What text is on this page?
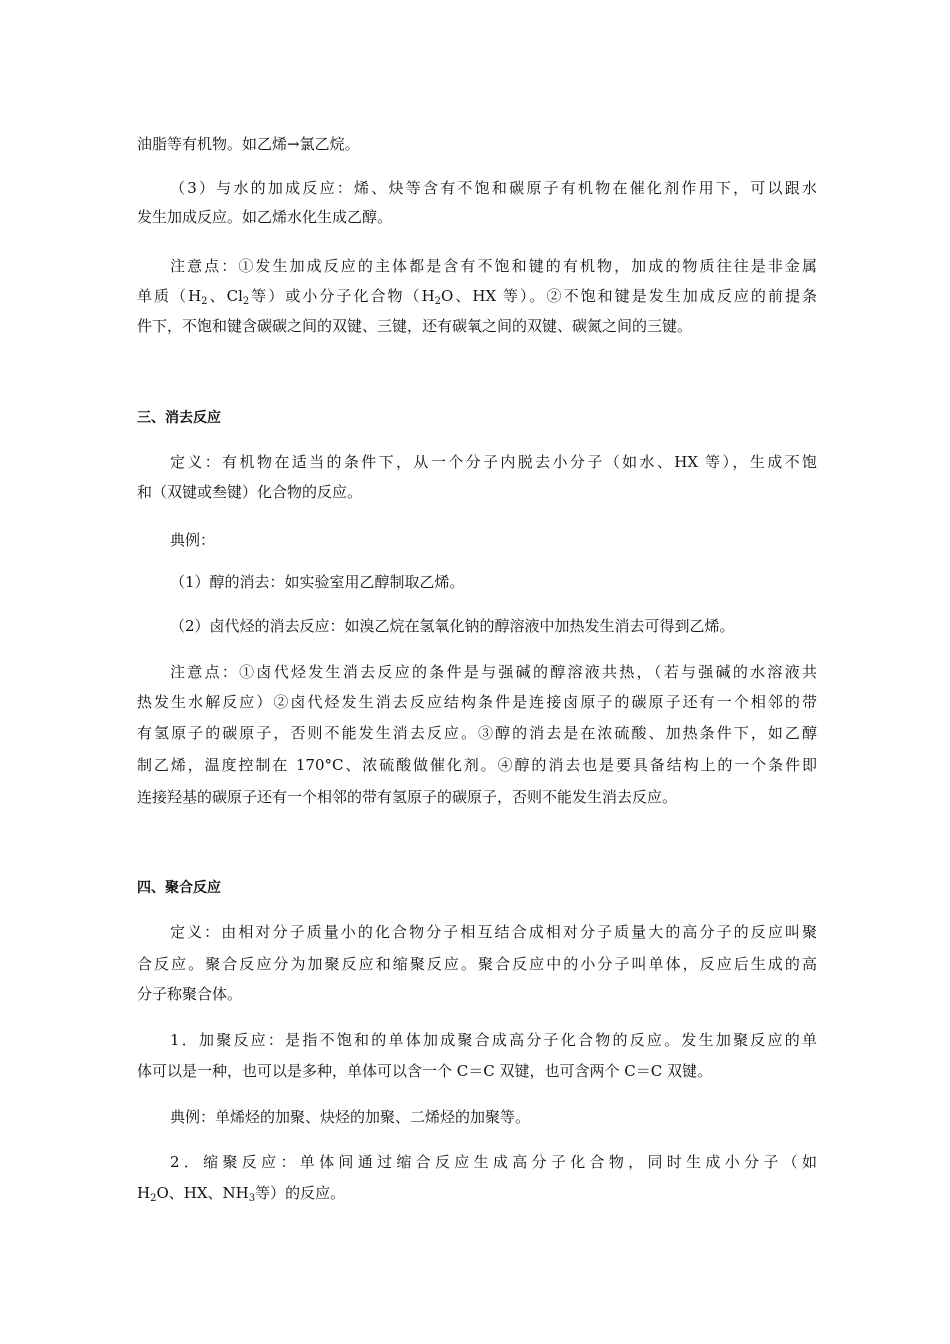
油脂等有机物。如乙烯→氯乙烷。
（3）与水的加成反应：烯、炔等含有不饱和碳原子有机物在催化剂作用下，可以跟水
发生加成反应。如乙烯水化生成乙醇。
注意点：①发生加成反应的主体都是含有不饱和键的有机物，加成的物质往往是非金属
单质（$H_2$、$Cl_2$等）或小分子化合物（$H_2O$、HX 等）。②不饱和键是发生加成反应的前提条
件下，不饱和键含碳碳之间的双键、三键，还有碳氧之间的双键、碳氮之间的三键。
三、消去反应
定义：有机物在适当的条件下，从一个分子内脱去小分子（如水、HX 等），生成不饱
和（双键或叁键）化合物的反应。
典例：
（1）醇的消去：如实验室用乙醇制取乙烯。
（2）卤代烃的消去反应：如溴乙烷在氢氧化钠的醇溶液中加热发生消去可得到乙烯。
注意点：①卤代烃发生消去反应的条件是与强碱的醇溶液共热，（若与强碱的水溶液共
热发生水解反应）②卤代烃发生消去反应结构条件是连接卤原子的碳原子还有一个相邻的带
有氢原子的碳原子，否则不能发生消去反应。③醇的消去是在浓硫酸、加热条件下，如乙醇
制乙烯，温度控制在 170°C、浓硫酸做催化剂。④醇的消去也是要具备结构上的一个条件即
连接羟基的碳原子还有一个相邻的带有氢原子的碳原子，否则不能发生消去反应。
四、聚合反应
定义：由相对分子质量小的化合物分子相互结合成相对分子质量大的高分子的反应叫聚
合反应。聚合反应分为加聚反应和缩聚反应。聚合反应中的小分子叫单体，反应后生成的高
分子称聚合体。
1．加聚反应：是指不饱和的单体加成聚合成高分子化合物的反应。发生加聚反应的单
体可以是一种，也可以是多种，单体可以含一个 C＝C 双键，也可含两个 C＝C 双键。
典例：单烯烃的加聚、炔烃的加聚、二烯烃的加聚等。
2．缩聚反应：单体间通过缩合反应生成高分子化合物，同时生成小分子（如
$H_2O$、HX、$NH_3$等）的反应。
